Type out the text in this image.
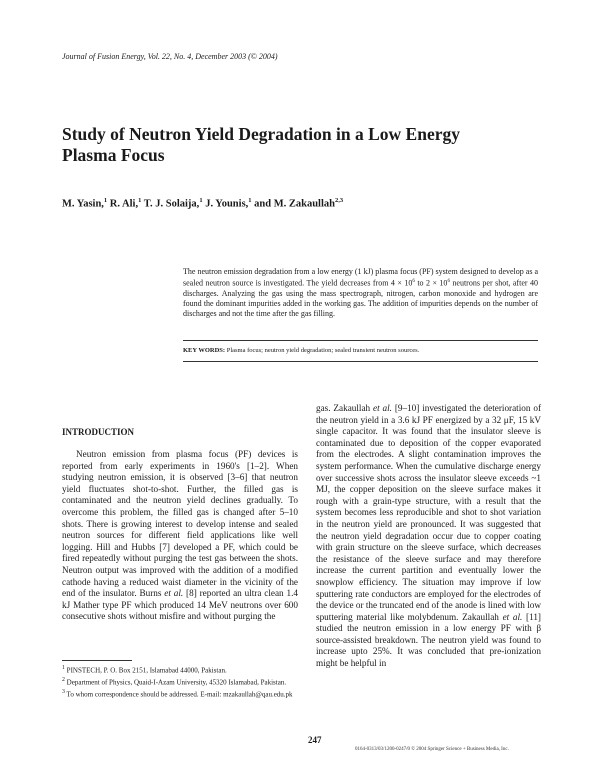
Journal of Fusion Energy, Vol. 22, No. 4, December 2003 (© 2004)
Study of Neutron Yield Degradation in a Low Energy
Plasma Focus
M. Yasin,$^1$ R. Ali,$^1$ T. J. Solaija,$^1$ J. Younis,$^1$ and M. Zakaullah$^{2,3}$
The neutron emission degradation from a low energy (1 kJ) plasma focus (PF) system designed to develop as a sealed neutron source is investigated. The yield decreases from $4 \times 10^6$ to $2 \times 10^6$ neutrons per shot, after 40 discharges. Analyzing the gas using the mass spectrograph, nitrogen, carbon monoxide and hydrogen are found the dominant impurities added in the working gas. The addition of impurities depends on the number of discharges and not the time after the gas filling.
KEY WORDS: Plasma focus; neutron yield degradation; sealed transient neutron sources.
INTRODUCTION

Neutron emission from plasma focus (PF) devices is reported from early experiments in 1960's [1–2]. When studying neutron emission, it is observed [3–6] that neutron yield fluctuates shot-to-shot. Further, the filled gas is contaminated and the neutron yield declines gradually. To overcome this problem, the filled gas is changed after 5–10 shots. There is growing interest to develop intense and sealed neutron sources for different field applications like well logging. Hill and Hubbs [7] developed a PF, which could be fired repeatedly without purging the test gas between the shots. Neutron output was improved with the addition of a modified cathode having a reduced waist diameter in the vicinity of the end of the insulator. Burns et al. [8] reported an ultra clean 1.4 kJ Mather type PF which produced 14 MeV neutrons over 600 consecutive shots without misfire and without purging the

gas. Zakaullah et al. [9–10] investigated the deterioration of the neutron yield in a 3.6 kJ PF energized by a 32 μF, 15 kV single capacitor. It was found that the insulator sleeve is contaminated due to deposition of the copper evaporated from the electrodes. A slight contamination improves the system performance. When the cumulative discharge energy over successive shots across the insulator sleeve exceeds ~1 MJ, the copper deposition on the sleeve surface makes it rough with a grain-type structure, with a result that the system becomes less reproducible and shot to shot variation in the neutron yield are pronounced. It was suggested that the neutron yield degradation occur due to copper coating with grain structure on the sleeve surface, which decreases the resistance of the sleeve surface and may therefore increase the current partition and eventually lower the snowplow efficiency. The situation may improve if low sputtering rate conductors are employed for the electrodes of the device or the truncated end of the anode is lined with low sputtering material like molybdenum. Zakaullah et al. [11] studied the neutron emission in a low energy PF with β source-assisted breakdown. The neutron yield was found to increase upto 25%. It was concluded that pre-ionization might be helpful in

$^1$ PINSTECH, P. O. Box 2151, Islamabad 44000, Pakistan.
$^2$ Department of Physics, Quaid-I-Azam University, 45320 Islamabad, Pakistan.
$^3$ To whom correspondence should be addressed. E-mail: mzakaullah@qau.edu.pk
247
0164-0313/03/1200-0247/0 © 2004 Springer Science + Business Media, Inc.
